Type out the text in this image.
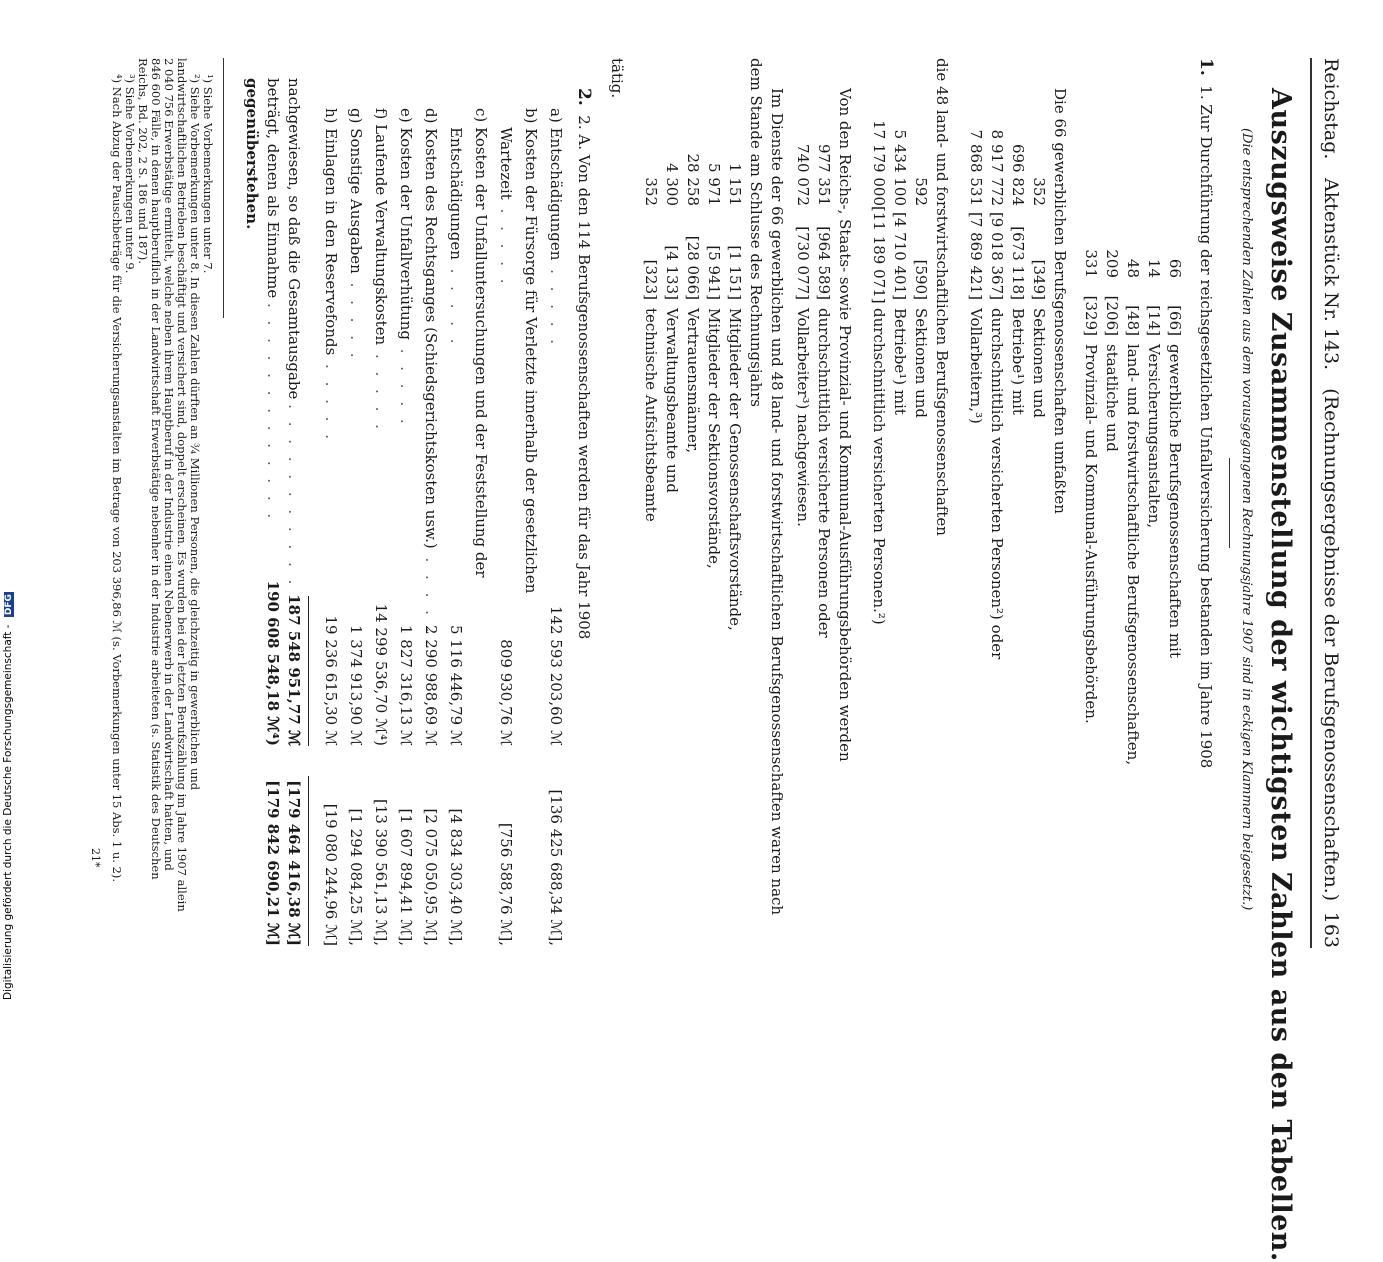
Reichstag.
Aktenstück Nr. 143.   (Rechnungsergebnisse der Berufsgenossenschaften.)
163
Auszugsweise Zusammenstellung der wichtigsten Zahlen aus den Tabellen.
(Die entsprechenden Zahlen aus dem vorausgegangenen Rechnungsjahre 1907 sind in eckigen Klammern beigesetzt.)
1.  1. Zur Durchführung der reichsgesetzlichen Unfallversicherung bestanden im Jahre 1908
66[66]gewerbliche Berufsgenossenschaften mit
14[14]Versicherungsanstalten,
48[48]land- und forstwirtschaftliche Berufsgenossenschaften,
209[206]staatliche und
331[329]Provinzial- und Kommunal-Ausführungsbehörden.
Die 66 gewerblichen Berufsgenossenschaften umfaßten
352[349]Sektionen und
696 824[673 118]Betriebe¹) mit
8 917 772[9 018 367]durchschnittlich versicherten Personen²) oder
7 868 531[7 869 421]Vollarbeitern,³)
die 48 land- und forstwirtschaftlichen Berufsgenossenschaften
592[590]Sektionen und
5 434 100[4 710 401]Betriebe¹) mit
17 179 000[11 189 071]durchschnittlich versicherten Personen.²)
Von den Reichs-, Staats- sowie Provinzial- und Kommunal-Ausführungsbehörden werden
977 351[964 589]durchschnittlich versicherte Personen oder
740 072[730 077]Vollarbeiter³) nachgewiesen.
Im Dienste der 66 gewerblichen und 48 land- und forstwirtschaftlichen Berufsgenossenschaften waren nach
dem Stande am Schlusse des Rechnungsjahrs
1 151[1 151]Mitglieder der Genossenschaftsvorstände,
5 971[5 941]Mitglieder der Sektionsvorstände,
28 258[28 066]Vertrauensmänner,
4 300[4 133]Verwaltungsbeamte und
352[323]technische Aufsichtsbeamte
tätig.
2.  2. A. Von den 114 Berufsgenossenschaften werden für das Jahr 1908
a) Entschädigungen . . . . .
142 593 203,60 ℳ
[136 425 688,34 ℳ],
b) Kosten der Fürsorge für Verletzte innerhalb der gesetzlichen
Wartezeit . . . . .
809 930,76 ℳ
[756 588,76 ℳ],
c) Kosten der Unfalluntersuchungen und der Feststellung der
Entschädigungen . . . . .
5 116 446,79 ℳ
[4 834 303,40 ℳ],
d) Kosten des Rechtsganges (Schiedsgerichtskosten usw.) . . . . .
2 290 988,69 ℳ
[2 075 050,95 ℳ],
e) Kosten der Unfallverhütung . . . . .
1 827 316,13 ℳ
[1 607 894,41 ℳ],
f) Laufende Verwaltungskosten . . . . .
14 299 536,70 ℳ⁴)
[13 390 561,13 ℳ],
g) Sonstige Ausgaben . . . . .
1 374 913,90 ℳ
[1 294 084,25 ℳ],
h) Einlagen in den Reservefonds . . . . .
19 236 615,30 ℳ
[19 080 244,96 ℳ]
nachgewiesen, so daß die Gesamtausgabe . . . . . . . . . . .
187 548 951,77 ℳ
[179 464 416,38 ℳ]
beträgt, denen als Einnahme . . . . . . . . . . . . .
190 608 548,18 ℳ⁴)
[179 842 690,21 ℳ]
gegenüberstehen.
¹) Siehe Vorbemerkungen unter 7.
²) Siehe Vorbemerkungen unter 8. In diesen Zahlen dürften an ¾ Millionen Personen, die gleichzeitig in gewerblichen und
landwirtschaftlichen Betrieben beschäftigt und versichert sind, doppelt erscheinen. Es wurden bei der letzten Berufszählung im Jahre 1907 allein
2 040 756 Erwerbstätige ermittelt, welche neben ihrem Hauptberuf in der Industrie einen Nebenerwerb in der Landwirtschaft hatten, und
846 600 Fälle, in denen hauptberuflich in der Landwirtschaft Erwerbstätige nebenher in der Industrie arbeiteten (s. Statistik des Deutschen
Reichs, Bd. 202, 2 S. 186 und 187).
³) Siehe Vorbemerkungen unter 9.
⁴) Nach Abzug der Pauschbeträge für die Versicherungsanstalten im Betrage von 203 396,86 ℳ (s. Vorbemerkungen unter 15 Abs. 1 u. 2).
21*
Digitalisierung gefördert durch die Deutsche Forschungsgemeinschaft - DFG
